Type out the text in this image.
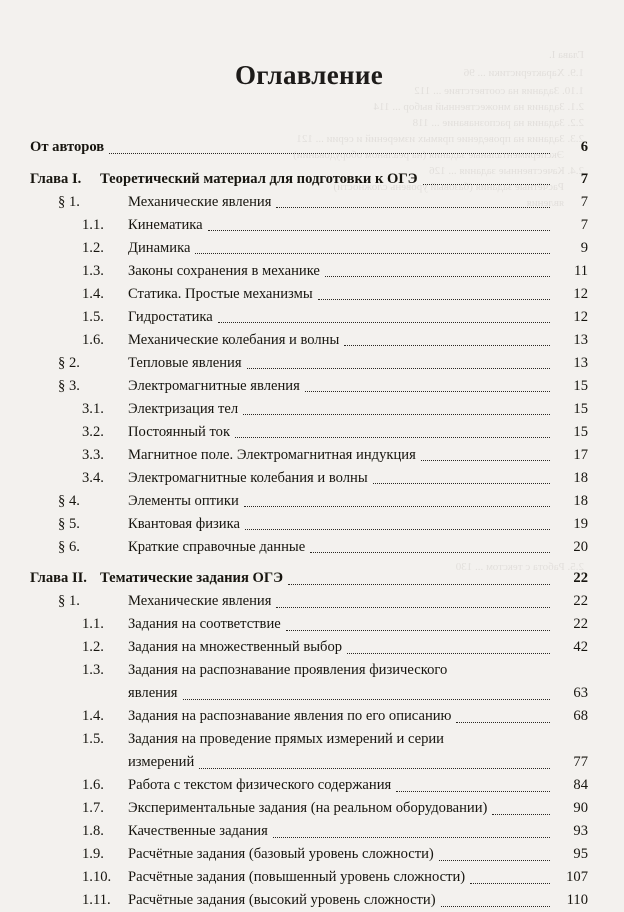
Глава I.
1.9. Характеристики ... 96
1.10. Задания на соответствие ... 112
2.1. Задания на множественный выбор ... 114
2.2. Задания на распознавание ... 118
2.3. Задания на проведение прямых измерений и серии ... 121
Экспериментальные задания (на реальном оборудовании)
2.4. Качественные задания ... 126
Расчётные задания (базовый уровень сложности)
явления
2.5. Работа с текстом ... 130
Оглавление
От авторов	6
Глава I.	Теоретический материал для подготовки к ОГЭ	7
§ 1.	Механические явления	7
1.1.	Кинематика	7
1.2.	Динамика	9
1.3.	Законы сохранения в механике	11
1.4.	Статика. Простые механизмы	12
1.5.	Гидростатика	12
1.6.	Механические колебания и волны	13
§ 2.	Тепловые явления	13
§ 3.	Электромагнитные явления	15
3.1.	Электризация тел	15
3.2.	Постоянный ток	15
3.3.	Магнитное поле. Электромагнитная индукция	17
3.4.	Электромагнитные колебания и волны	18
§ 4.	Элементы оптики	18
§ 5.	Квантовая физика	19
§ 6.	Краткие справочные данные	20
Глава II. Тематические задания ОГЭ	22
§ 1.	Механические явления	22
1.1.	Задания на соответствие	22
1.2.	Задания на множественный выбор	42
1.3.	Задания на распознавание проявления физического
явления	63
1.4.	Задания на распознавание явления по его описанию	68
1.5.	Задания на проведение прямых измерений и серии
измерений	77
1.6.	Работа с текстом физического содержания	84
1.7.	Экспериментальные задания (на реальном оборудовании)	90
1.8.	Качественные задания	93
1.9.	Расчётные задания (базовый уровень сложности)	95
1.10.	Расчётные задания (повышенный уровень сложности)	107
1.11.	Расчётные задания (высокий уровень сложности)	110
